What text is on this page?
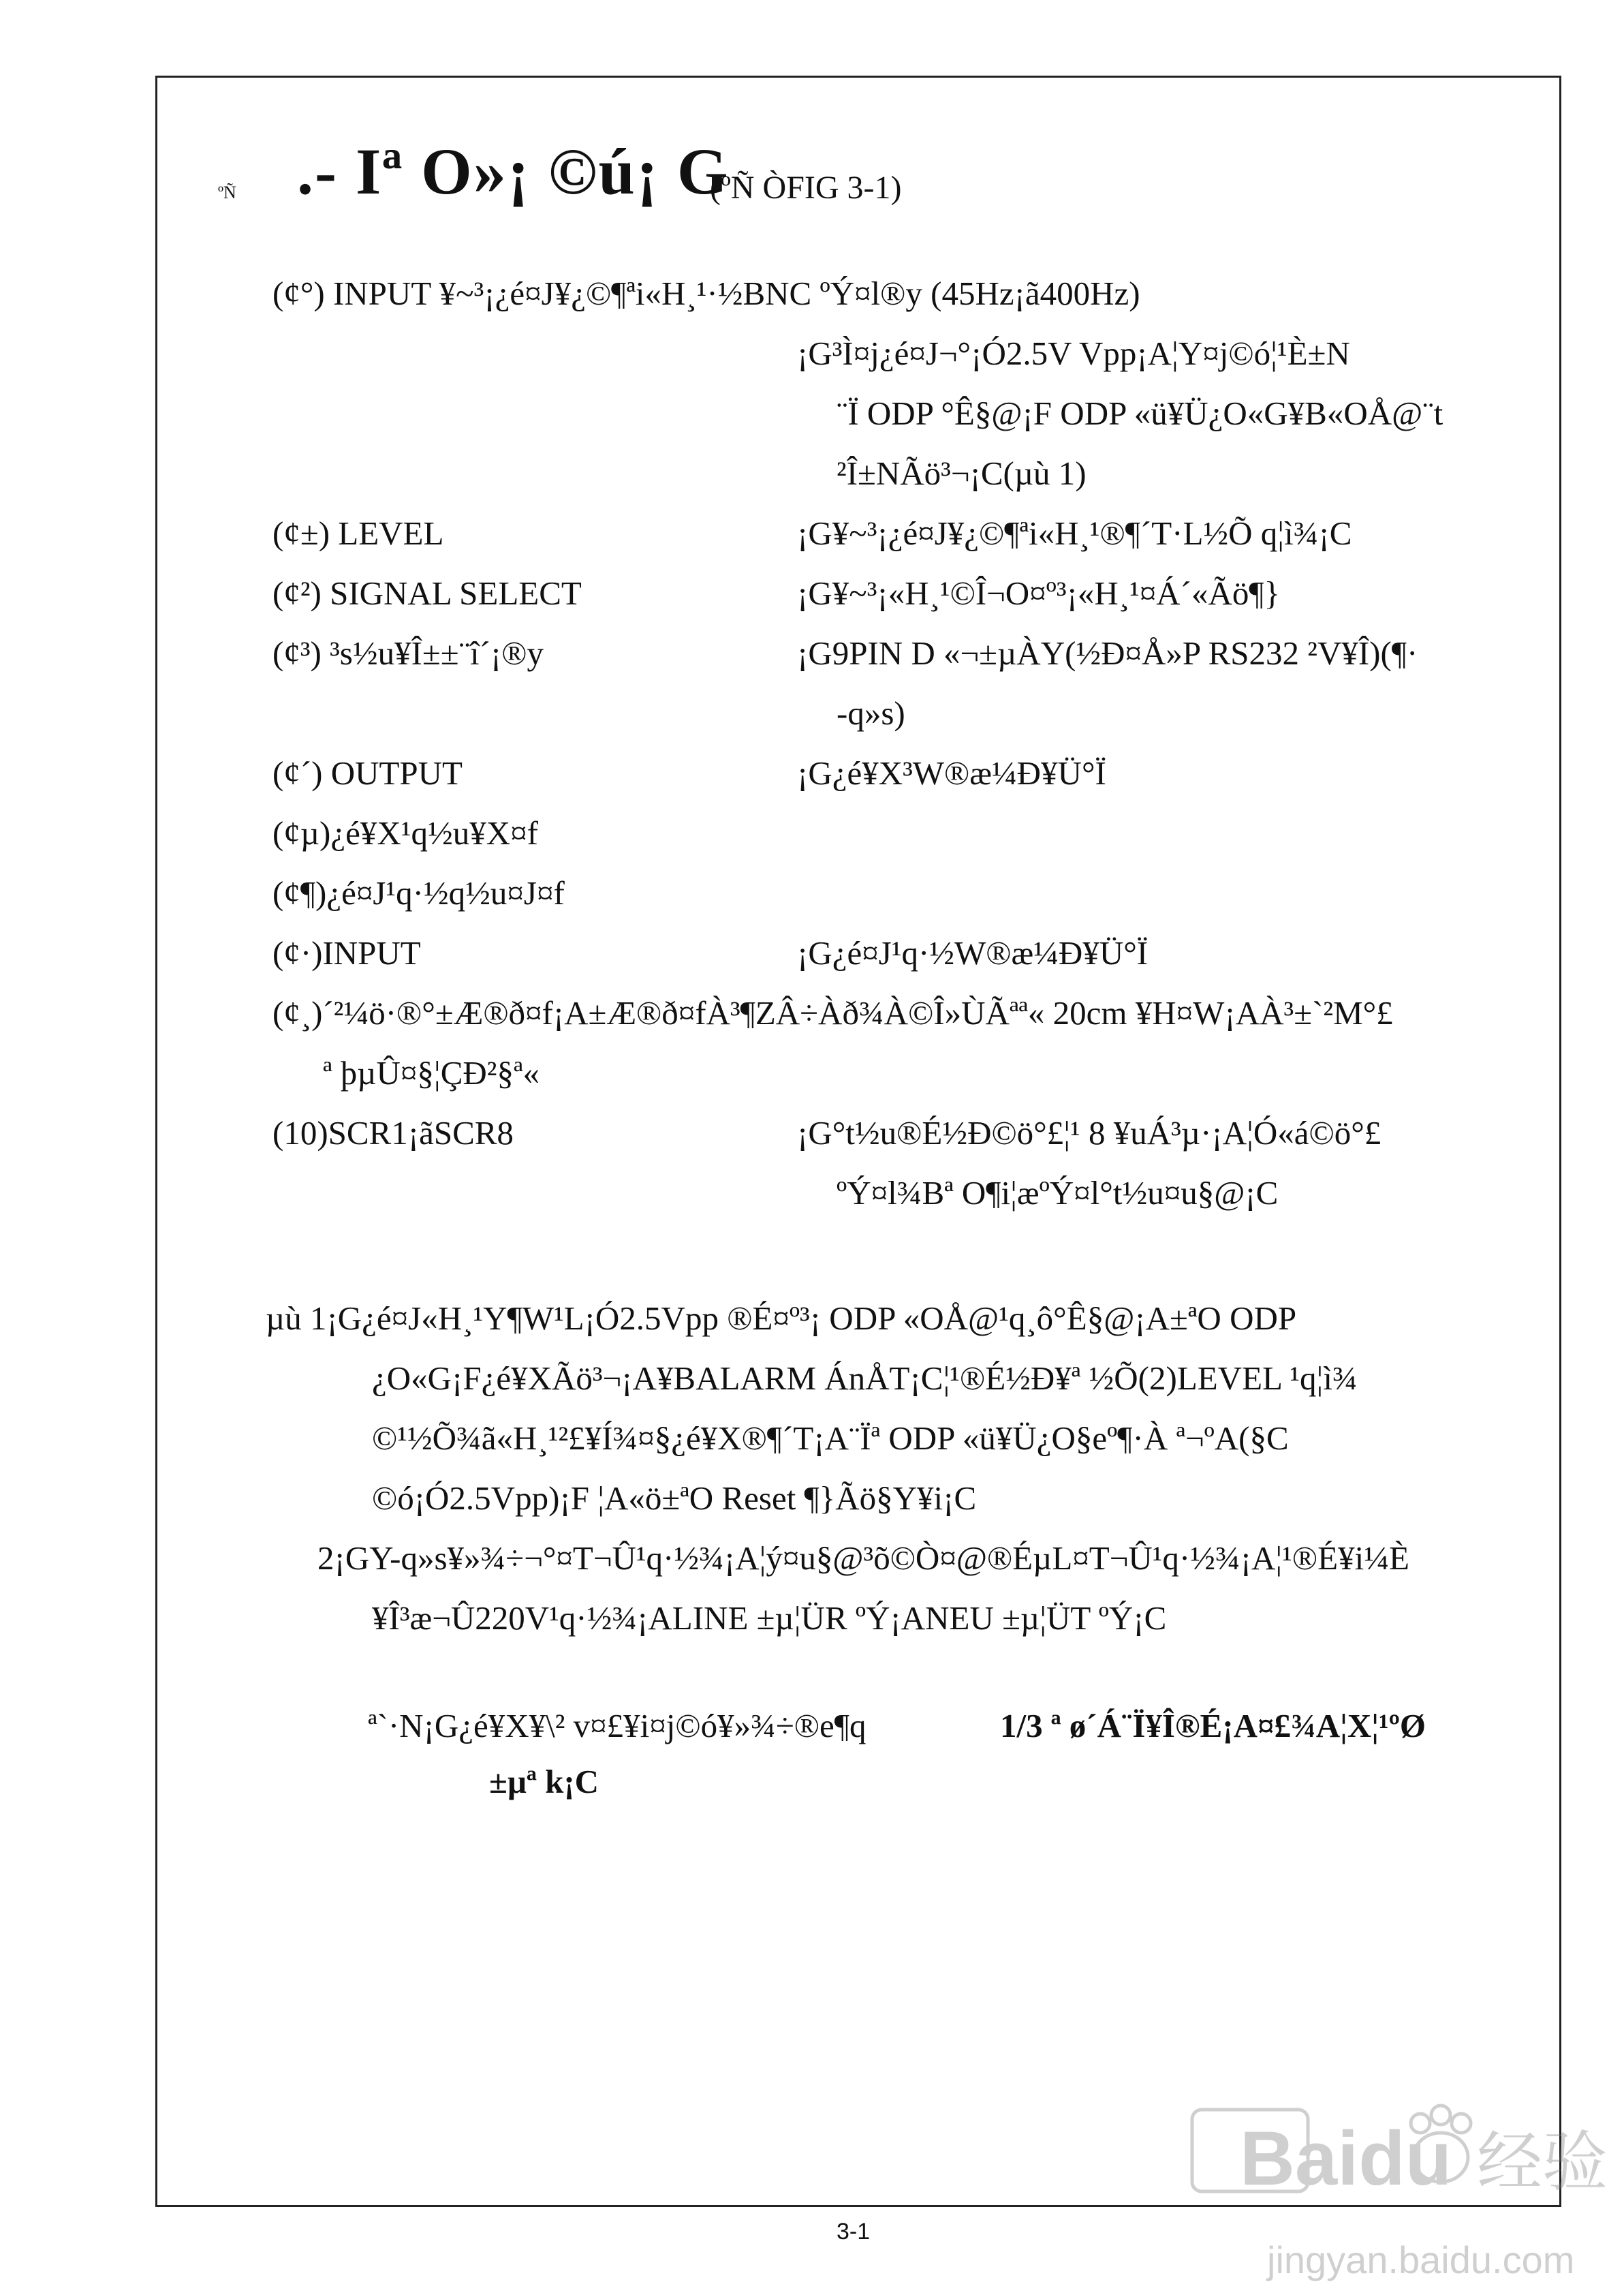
ºÑ .- Iª O»¡ ©ú¡ G
(ºÑ ÒFIG 3-1)
(¢°) INPUT ¥~³¡¿é¤J¥¿©¶ªi«H¸¹·½BNC ºÝ¤l®y (45Hz¡ã400Hz)
¡G³Ì¤j¿é¤J¬°¡Ó2.5V Vpp¡A¦Y¤j©ó¦¹È±N
¨Ï ODP °Ê§@¡F ODP «ü¥Ü¿O«G¥B«OÅ@¨t
²Î±NÃö³¬¡C(µù 1)
(¢±) LEVEL	¡G¥~³¡¿é¤J¥¿©¶ªi«H¸¹®¶´T·L½Õ q¦ì¾¡C
(¢²) SIGNAL SELECT	¡G¥~³¡«H¸¹©Î¬O¤º³¡«H¸¹¤Á´«Ãö¶}
(¢³) ³s½u¥Î±±¨î´¡®y	¡G9PIN D «¬±µÀY(½Ð¤Å»P RS232 ²V¥Î)(¶·
-q»s)
(¢´) OUTPUT	¡G¿é¥X³W®æ¼Ð¥Ü°Ï
(¢µ)¿é¥X¹q½u¥X¤f
(¢¶)¿é¤J¹q·½q½u¤J¤f
(¢·)INPUT	¡G¿é¤J¹q·½W®æ¼Ð¥Ü°Ï
(¢¸)´²¼ö·®°±Æ®ð¤f¡A±Æ®ð¤fÀ³¶ZÂ÷Àð¾À©Î»ÙÃªª« 20cm ¥H¤W¡AÀ³±`²M°£
ª þµÛ¤§¦ÇÐ²§ª«
(10)SCR1¡ãSCR8	¡G°t½u®É½Ð©ö°£¦¹ 8 ¥uÁ³µ·¡A¦Ó«á©ö°£
ºÝ¤l¾Bª O¶i¦æºÝ¤l°t½u¤u§@¡C
µù 1¡G¿é¤J«H¸¹Y¶W¹L¡Ó2.5Vpp ®É¤º³¡ ODP «OÅ@¹q¸ô°Ê§@¡A±ªO ODP
¿O«G¡F¿é¥XÃö³¬¡A¥BALARM ÁnÅT¡C¦¹®É½Ð¥ª ½Õ(2)LEVEL ¹q¦ì¾
©¹½Õ¾ã«H¸¹²£¥Í¾¤§¿é¥X®¶´T¡A¨Ïª ODP «ü¥Ü¿O§eº¶·À ª¬ºA(§C
©ó¡Ó2.5Vpp)¡F ¦A«ö±ªO Reset ¶}Ãö§Y¥i¡C
2¡GY-q»s¥»¾÷¬°¤T¬Û¹q·½¾¡A¦ý¤u§@³õ©Ò¤@®ÉµL¤T¬Û¹q·½¾¡A¦¹®É¥i¼È
¥Î³æ¬Û220V¹q·½¾¡ALINE ±µ¦ÜR ºÝ¡ANEU ±µ¦ÜT ºÝ¡C
ª`·N¡G¿é¥X¥\² v¤£¥i¤j©ó¥»¾÷®e¶q	1/3 ª ø´Á¨Ï¥Î®É¡A¤£¾A¦X¦¹ºØ
±µª k¡C
3-1
Baidu 经验
jingyan.baidu.com
